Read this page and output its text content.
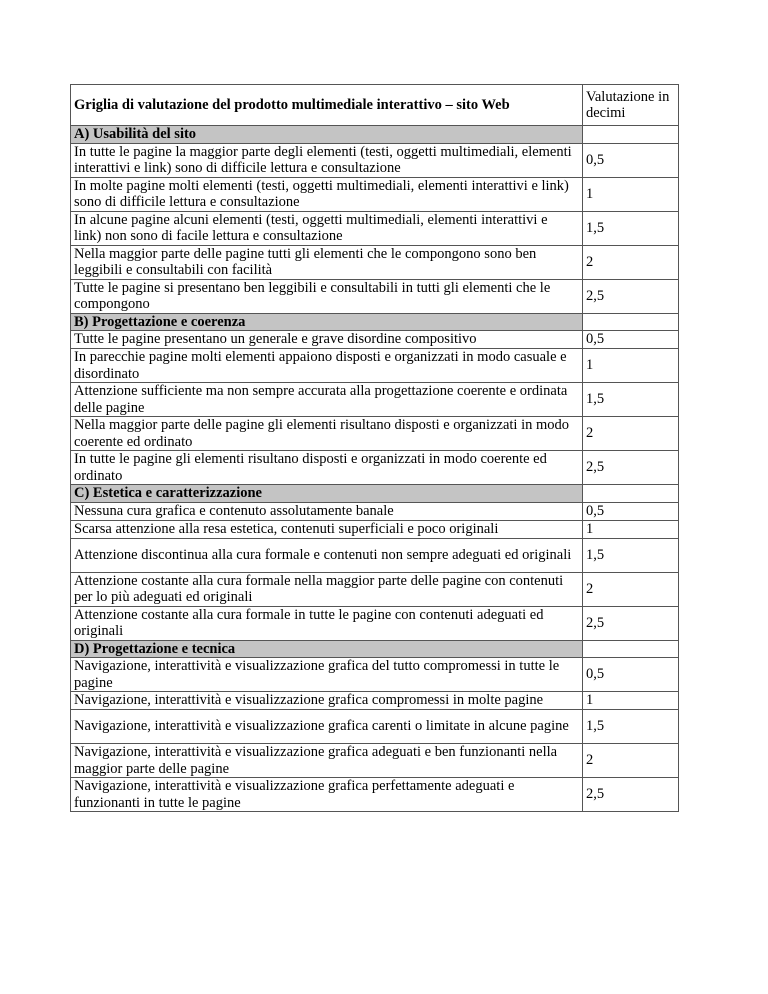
Griglia di valutazione del prodotto multimediale interattivo – sito Web	Valutazione in decimi
A) Usabilità del sito	
In tutte le pagine la maggior parte degli elementi (testi, oggetti multimediali, elementi interattivi e link) sono di difficile lettura e consultazione	0,5
In molte pagine molti elementi (testi, oggetti multimediali, elementi interattivi e link) sono di difficile lettura e consultazione	1
In alcune pagine alcuni elementi (testi, oggetti multimediali, elementi interattivi e link) non sono di facile lettura e consultazione	1,5
Nella maggior parte delle pagine tutti gli elementi che le compongono sono ben leggibili e consultabili con facilità	2
Tutte le pagine si presentano ben leggibili e consultabili in tutti gli elementi che le compongono	2,5
B) Progettazione e coerenza	
Tutte le pagine presentano un generale e grave disordine compositivo	0,5
In parecchie pagine molti elementi appaiono disposti e organizzati in modo casuale e disordinato	1
Attenzione sufficiente ma non sempre accurata alla progettazione coerente e ordinata delle pagine	1,5
Nella maggior parte delle pagine gli elementi risultano disposti e organizzati in modo coerente ed ordinato	2
In tutte le pagine gli elementi risultano disposti e organizzati in modo coerente ed ordinato	2,5
C) Estetica e caratterizzazione	
Nessuna cura grafica e contenuto assolutamente banale	0,5
Scarsa attenzione alla resa estetica, contenuti superficiali e poco originali	1
Attenzione discontinua alla cura formale e contenuti non sempre adeguati ed originali	1,5
Attenzione costante alla cura formale nella maggior parte delle pagine con contenuti per lo più adeguati ed originali	2
Attenzione costante alla cura formale in tutte le pagine con contenuti adeguati ed originali	2,5
D) Progettazione e tecnica	
Navigazione, interattività e visualizzazione grafica del tutto compromessi in tutte le pagine	0,5
Navigazione, interattività e visualizzazione grafica compromessi in molte pagine	1
Navigazione, interattività e visualizzazione grafica carenti o limitate in alcune pagine	1,5
Navigazione, interattività e visualizzazione grafica adeguati e ben funzionanti nella maggior parte delle pagine	2
Navigazione, interattività e visualizzazione grafica perfettamente adeguati e funzionanti in tutte le pagine	2,5
